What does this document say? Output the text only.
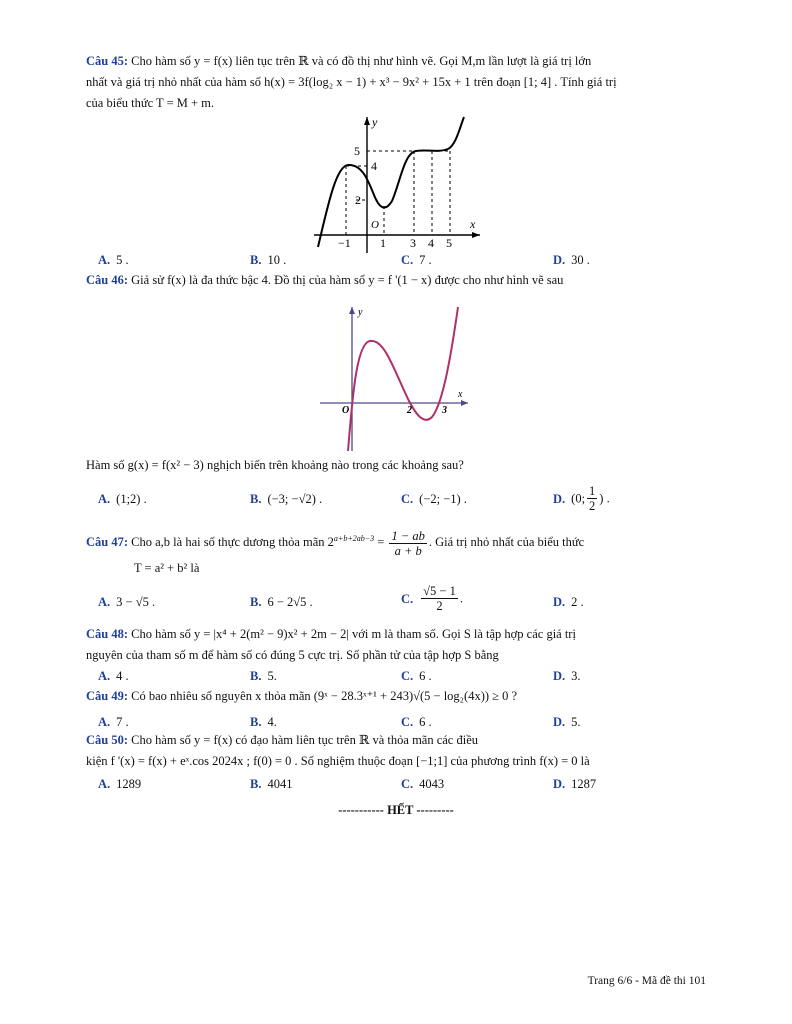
Câu 45: Cho hàm số y = f(x) liên tục trên ℝ và có đồ thị như hình vẽ. Gọi M,m lần lượt là giá trị lớn
nhất và giá trị nhỏ nhất của hàm số h(x) = 3f(log₂ x − 1) + x³ − 9x² + 15x + 1 trên đoạn [1; 4] . Tính giá trị
của biểu thức T = M + m.
y
x
5
4
2
O
−1 1 3 4 5
A. 5 .	B. 10 .	C. 7 .	D. 30 .
Câu 46: Giả sử f(x) là đa thức bậc 4. Đồ thị của hàm số y = f '(1 − x) được cho như hình vẽ sau
y
x
O	2	3
Hàm số g(x) = f(x² − 3) nghịch biến trên khoảng nào trong các khoảng sau?
A. (1;2) .	B. (−3; −√2) .	C. (−2; −1) .	D. (0; $\frac{1}{2}$ ) .
Câu 47: Cho a,b là hai số thực dương thỏa mãn $2^{a+b+2ab-3} = \frac{1 - ab}{a + b}$ . Giá trị nhỏ nhất của biểu thức
T = a² + b² là
A. 3 − √5 .	B. 6 − 2√5 .	C. $\frac{√5 - 1}{2}$ .	D. 2 .
Câu 48: Cho hàm số y = |x⁴ + 2(m² − 9)x² + 2m − 2| với m là tham số. Gọi S là tập hợp các giá trị
nguyên của tham số m để hàm số có đúng 5 cực trị. Số phần tử của tập hợp S bằng
A. 4 .	B. 5.	C. 6 .	D. 3.
Câu 49: Có bao nhiêu số nguyên x thỏa mãn (9ˣ − 28.3ˣ⁺¹ + 243)√(5 − log₂(4x)) ≥ 0 ?
A. 7 .	B. 4.	C. 6 .	D. 5.
Câu 50: Cho hàm số y = f(x) có đạo hàm liên tục trên ℝ và thỏa mãn các điều
kiện f '(x) = f(x) + eˣ.cos 2024x ; f(0) = 0 . Số nghiệm thuộc đoạn [−1;1] của phương trình f(x) = 0 là
A. 1289	B. 4041	C. 4043	D. 1287
----------- HẾT ---------
Trang 6/6 - Mã đề thi 101
